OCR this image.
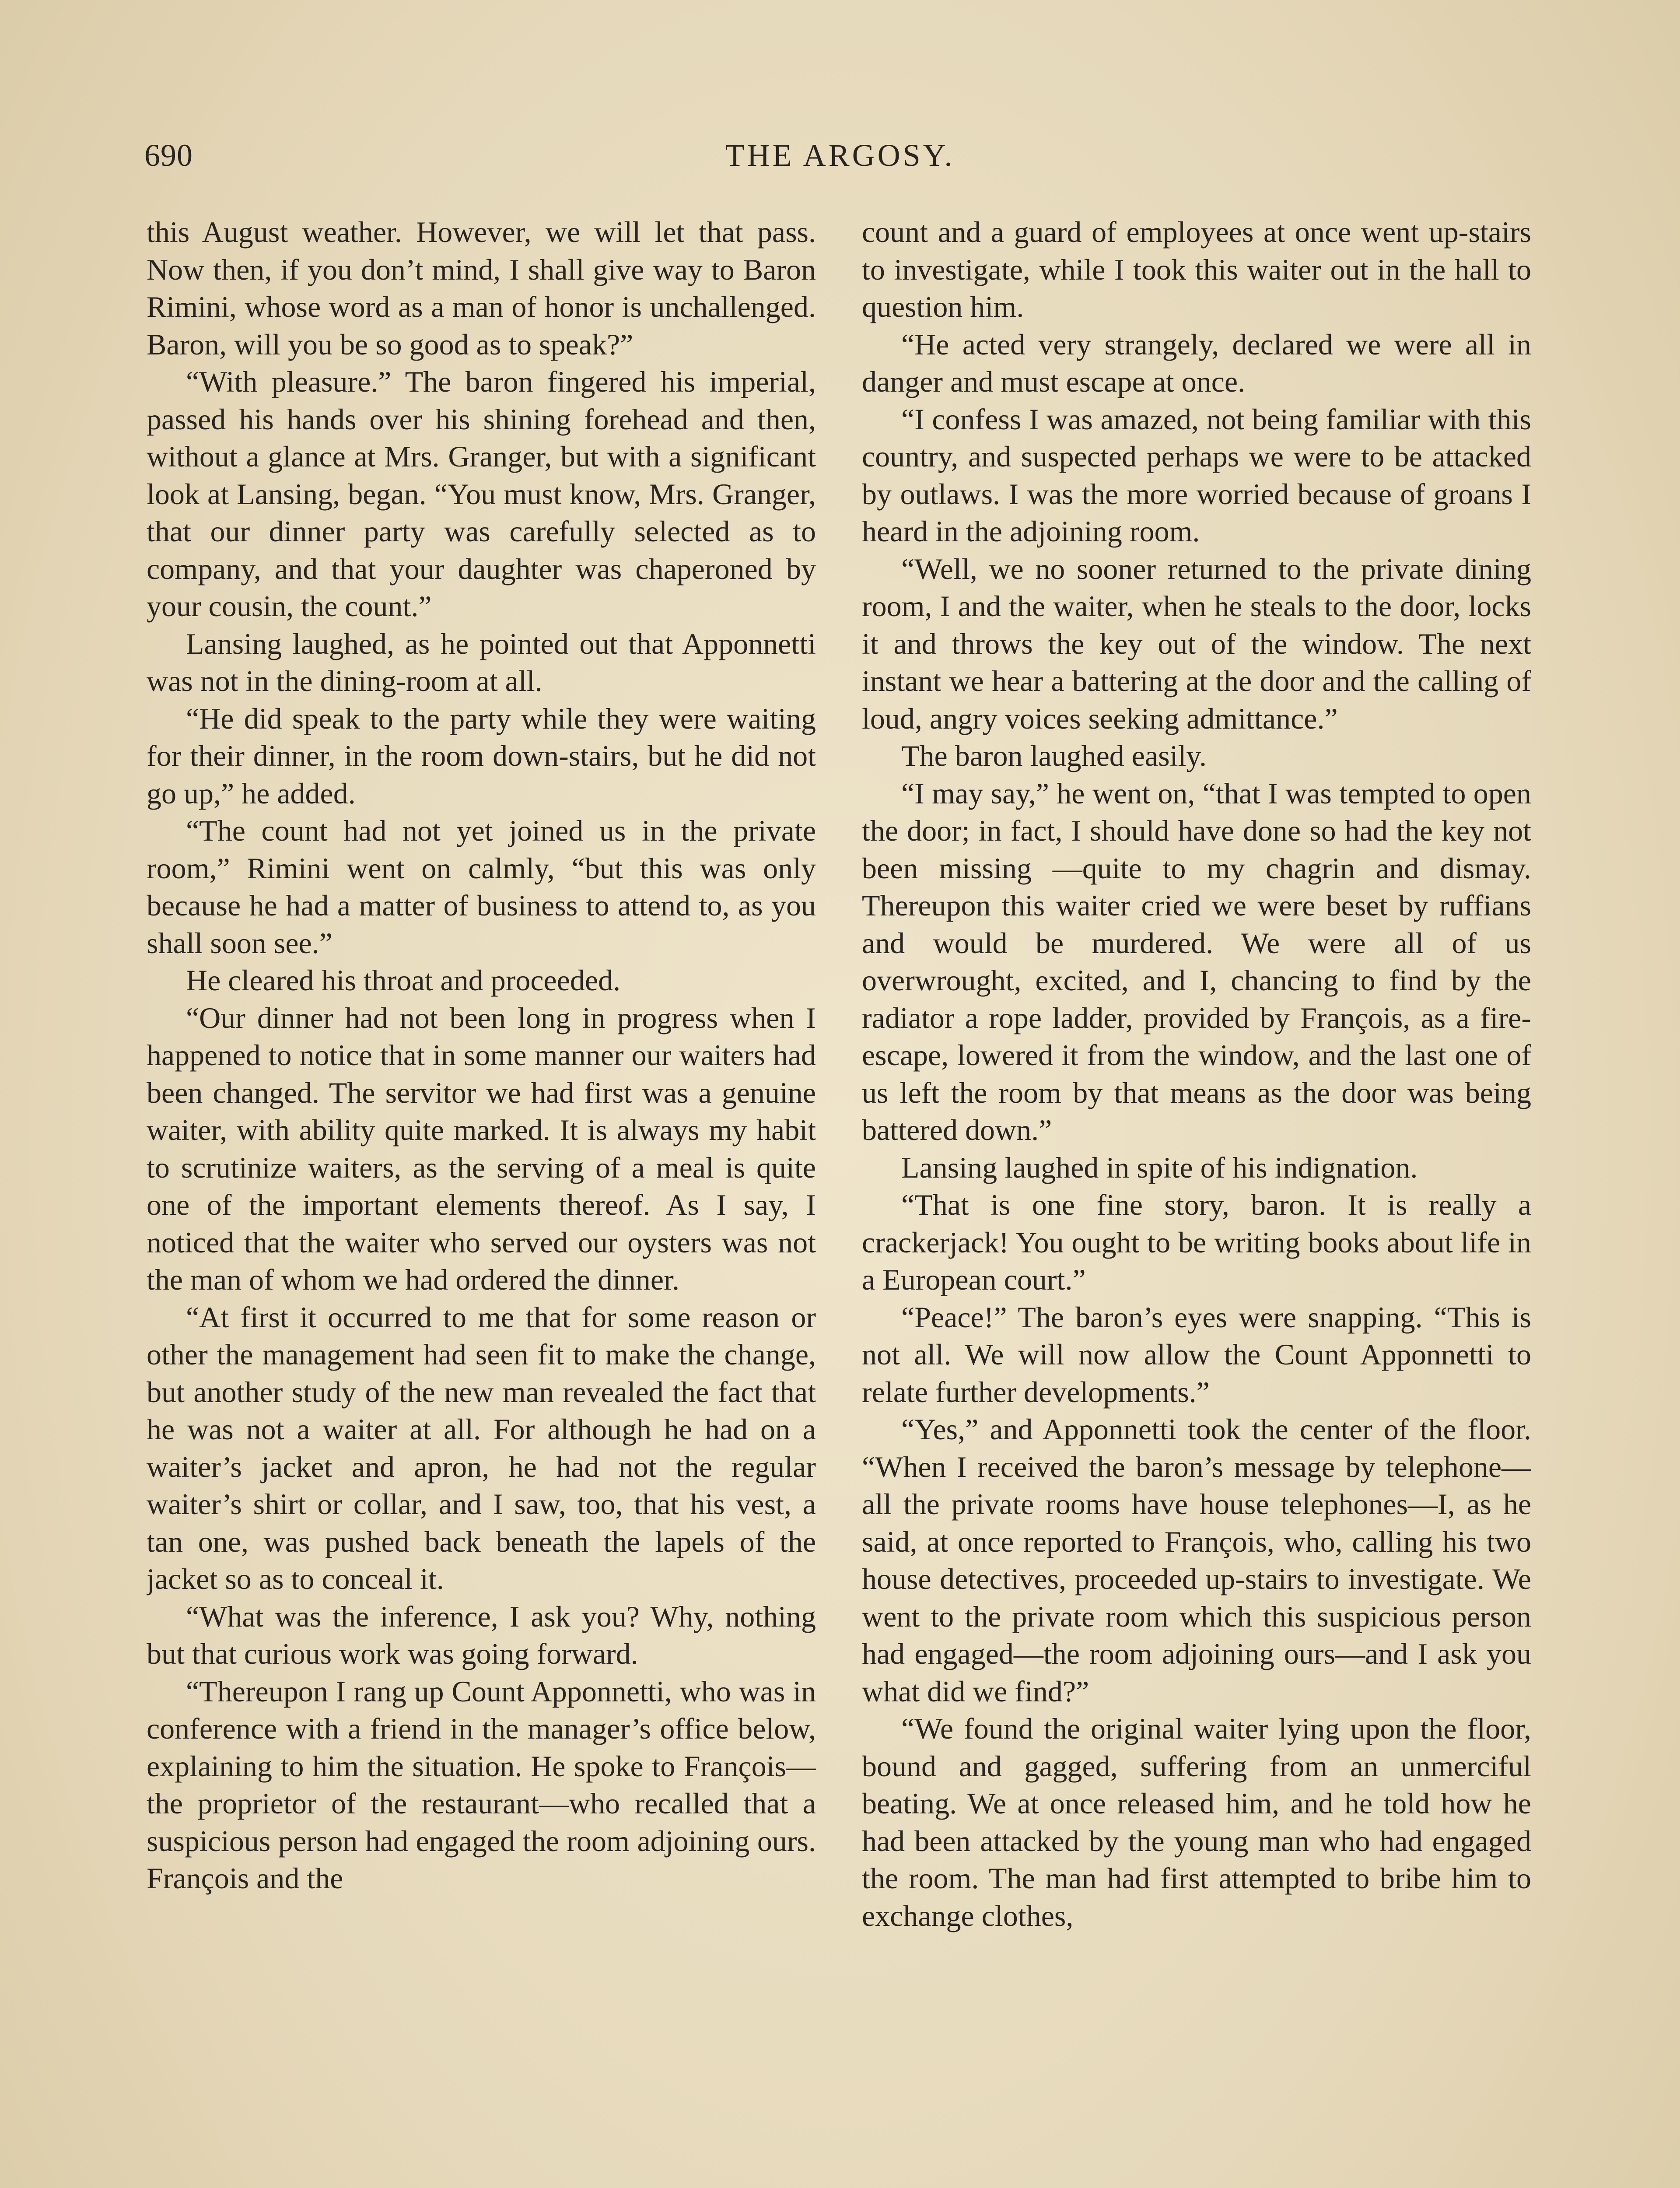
690	THE ARGOSY.

this August weather. However, we will let that pass. Now then, if you don’t mind, I shall give way to Baron Rimini, whose word as a man of honor is unchallenged. Baron, will you be so good as to speak?”

“With pleasure.” The baron fingered his imperial, passed his hands over his shining forehead and then, without a glance at Mrs. Granger, but with a significant look at Lansing, began. “You must know, Mrs. Granger, that our dinner party was carefully selected as to company, and that your daughter was chaperoned by your cousin, the count.”

Lansing laughed, as he pointed out that Apponnetti was not in the dining-room at all.

“He did speak to the party while they were waiting for their dinner, in the room down-stairs, but he did not go up,” he added.

“The count had not yet joined us in the private room,” Rimini went on calmly, “but this was only because he had a matter of business to attend to, as you shall soon see.”

He cleared his throat and proceeded.

“Our dinner had not been long in progress when I happened to notice that in some manner our waiters had been changed. The servitor we had first was a genuine waiter, with ability quite marked. It is always my habit to scrutinize waiters, as the serving of a meal is quite one of the important elements thereof. As I say, I noticed that the waiter who served our oysters was not the man of whom we had ordered the dinner.

“At first it occurred to me that for some reason or other the management had seen fit to make the change, but another study of the new man revealed the fact that he was not a waiter at all. For although he had on a waiter’s jacket and apron, he had not the regular waiter’s shirt or collar, and I saw, too, that his vest, a tan one, was pushed back beneath the lapels of the jacket so as to conceal it.

“What was the inference, I ask you? Why, nothing but that curious work was going forward.

“Thereupon I rang up Count Apponnetti, who was in conference with a friend in the manager’s office below, explaining to him the situation. He spoke to François—the proprietor of the restaurant—who recalled that a suspicious person had engaged the room adjoining ours. François and the

count and a guard of employees at once went up-stairs to investigate, while I took this waiter out in the hall to question him.

“He acted very strangely, declared we were all in danger and must escape at once.

“I confess I was amazed, not being familiar with this country, and suspected perhaps we were to be attacked by outlaws. I was the more worried because of groans I heard in the adjoining room.

“Well, we no sooner returned to the private dining room, I and the waiter, when he steals to the door, locks it and throws the key out of the window. The next instant we hear a battering at the door and the calling of loud, angry voices seeking admittance.”

The baron laughed easily.

“I may say,” he went on, “that I was tempted to open the door; in fact, I should have done so had the key not been missing —quite to my chagrin and dismay. Thereupon this waiter cried we were beset by ruffians and would be murdered. We were all of us overwrought, excited, and I, chancing to find by the radiator a rope ladder, provided by François, as a fire-escape, lowered it from the window, and the last one of us left the room by that means as the door was being battered down.”

Lansing laughed in spite of his indignation.

“That is one fine story, baron. It is really a crackerjack! You ought to be writing books about life in a European court.”

“Peace!” The baron’s eyes were snapping. “This is not all. We will now allow the Count Apponnetti to relate further developments.”

“Yes,” and Apponnetti took the center of the floor. “When I received the baron’s message by telephone—all the private rooms have house telephones—I, as he said, at once reported to François, who, calling his two house detectives, proceeded up-stairs to investigate. We went to the private room which this suspicious person had engaged—the room adjoining ours—and I ask you what did we find?”

“We found the original waiter lying upon the floor, bound and gagged, suffering from an unmerciful beating. We at once released him, and he told how he had been attacked by the young man who had engaged the room. The man had first attempted to bribe him to exchange clothes,
